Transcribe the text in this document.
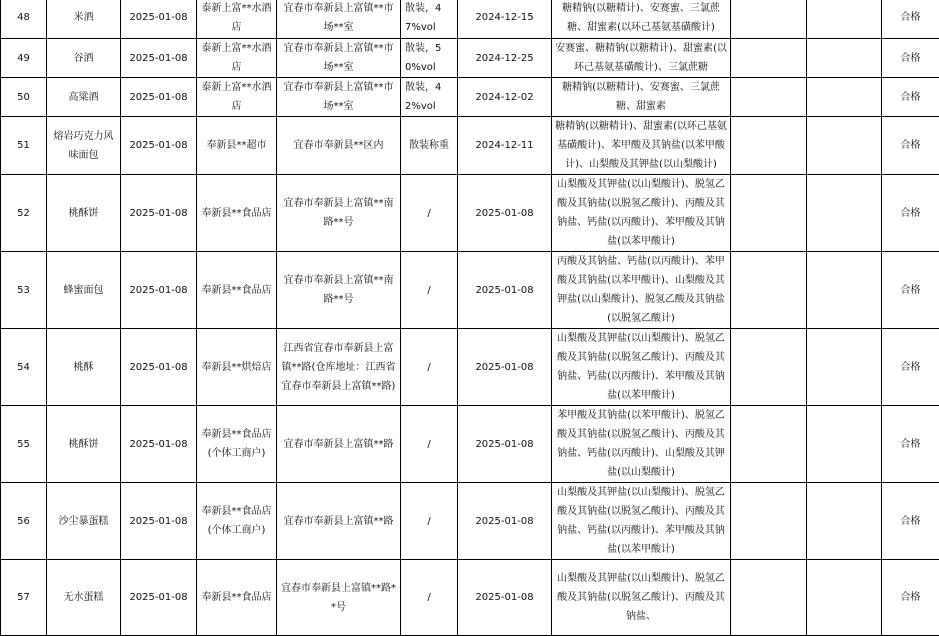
48	米酒	2025-01-08	泰新上富**水酒店	宜春市奉新县上富镇**市场**室	散装，47%vol	2024-12-15	糖精钠(以糖精计)、安赛蜜、三氯蔗糖、甜蜜素(以环己基氨基磺酸计)			合格
49	谷酒	2025-01-08	泰新上富**水酒店	宜春市奉新县上富镇**市场**室	散装，50%vol	2024-12-25	安赛蜜、糖精钠(以糖精计)、甜蜜素(以环己基氨基磺酸计)、三氯蔗糖			合格
50	高粱酒	2025-01-08	泰新上富**水酒店	宜春市奉新县上富镇**市场**室	散装，42%vol	2024-12-02	糖精钠(以糖精计)、安赛蜜、三氯蔗糖、甜蜜素			合格
51	熔岩巧克力风味面包	2025-01-08	奉新县**超市	宜春市奉新县**区内	散装称重	2024-12-11	糖精钠(以糖精计)、甜蜜素(以环己基氨基磺酸计)、苯甲酸及其钠盐(以苯甲酸计)、山梨酸及其钾盐(以山梨酸计)			合格
52	桃酥饼	2025-01-08	奉新县**食品店	宜春市奉新县上富镇**南路**号	/	2025-01-08	山梨酸及其钾盐(以山梨酸计)、脱氢乙酸及其钠盐(以脱氢乙酸计)、丙酸及其钠盐、钙盐(以丙酸计)、苯甲酸及其钠盐(以苯甲酸计)			合格
53	蜂蜜面包	2025-01-08	奉新县**食品店	宜春市奉新县上富镇**南路**号	/	2025-01-08	丙酸及其钠盐、钙盐(以丙酸计)、苯甲酸及其钠盐(以苯甲酸计)、山梨酸及其钾盐(以山梨酸计)、脱氢乙酸及其钠盐(以脱氢乙酸计)			合格
54	桃酥	2025-01-08	奉新县**烘焙店	江西省宜春市奉新县上富镇**路(仓库地址：江西省宜春市奉新县上富镇**路)	/	2025-01-08	山梨酸及其钾盐(以山梨酸计)、脱氢乙酸及其钠盐(以脱氢乙酸计)、丙酸及其钠盐、钙盐(以丙酸计)、苯甲酸及其钠盐(以苯甲酸计)			合格
55	桃酥饼	2025-01-08	奉新县**食品店(个体工商户)	宜春市奉新县上富镇**路	/	2025-01-08	苯甲酸及其钠盐(以苯甲酸计)、脱氢乙酸及其钠盐(以脱氢乙酸计)、丙酸及其钠盐、钙盐(以丙酸计)、山梨酸及其钾盐(以山梨酸计)			合格
56	沙尘暴蛋糕	2025-01-08	奉新县**食品店(个体工商户)	宜春市奉新县上富镇**路	/	2025-01-08	山梨酸及其钾盐(以山梨酸计)、脱氢乙酸及其钠盐(以脱氢乙酸计)、丙酸及其钠盐、钙盐(以丙酸计)、苯甲酸及其钠盐(以苯甲酸计)			合格
57	无水蛋糕	2025-01-08	奉新县**食品店	宜春市奉新县上富镇**路**号	/	2025-01-08	山梨酸及其钾盐(以山梨酸计)、脱氢乙酸及其钠盐(以脱氢乙酸计)、丙酸及其钠盐、			合格
